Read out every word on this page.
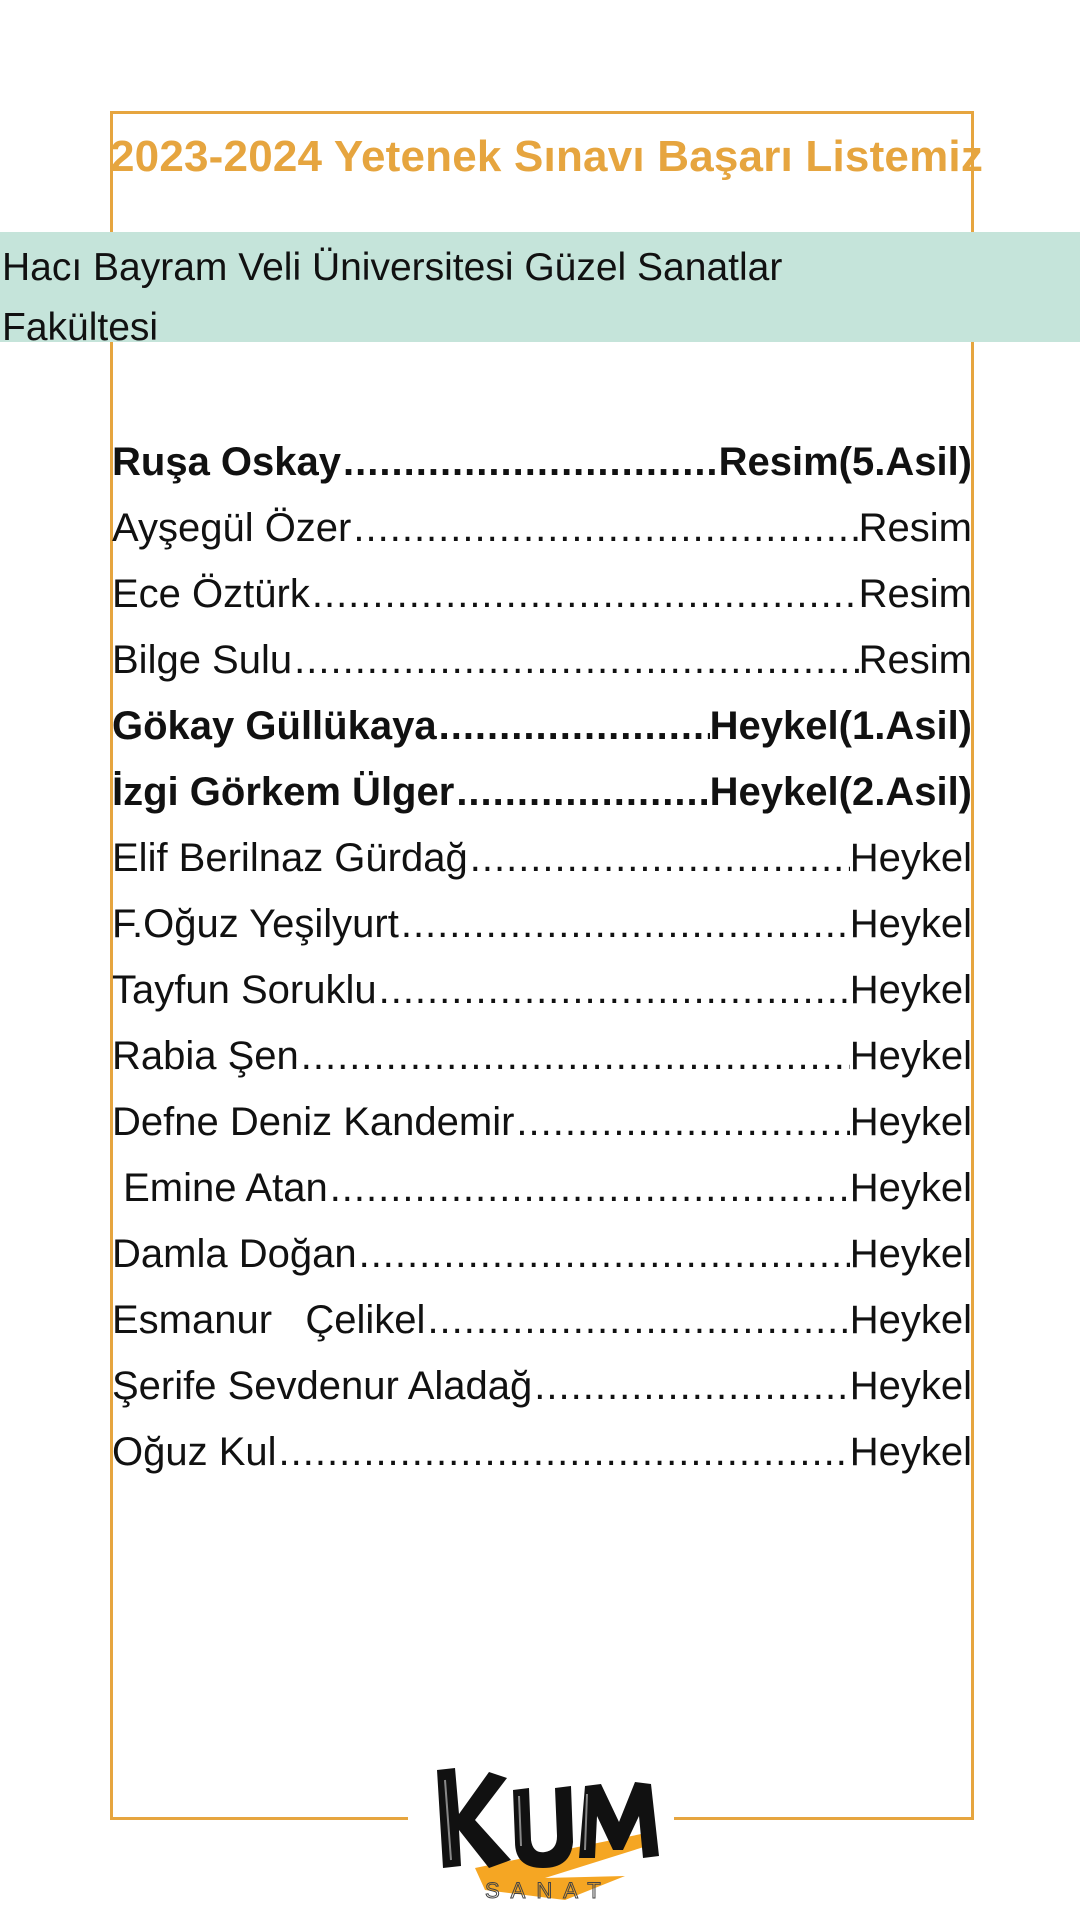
2023-2024 Yetenek Sınavı Başarı Listemiz
Hacı Bayram Veli Üniversitesi Güzel Sanatlar Fakültesi
Ruşa Oskay .....	Resim(5.Asil)
Ayşegül Özer .....	Resim
Ece Öztürk .....	Resim
Bilge Sulu .....	Resim
Gökay Güllükaya .....	Heykel(1.Asil)
İzgi Görkem Ülger .....	Heykel(2.Asil)
Elif Berilnaz Gürdağ .....	Heykel
F.Oğuz Yeşilyurt .....	Heykel
Tayfun Soruklu .....	Heykel
Rabia Şen .....	Heykel
Defne Deniz Kandemir .....	Heykel
Emine Atan .....	Heykel
Damla Doğan .....	Heykel
Esmanur   Çelikel .....	Heykel
Şerife Sevdenur Aladağ .....	Heykel
Oğuz Kul .....	Heykel
SANAT
